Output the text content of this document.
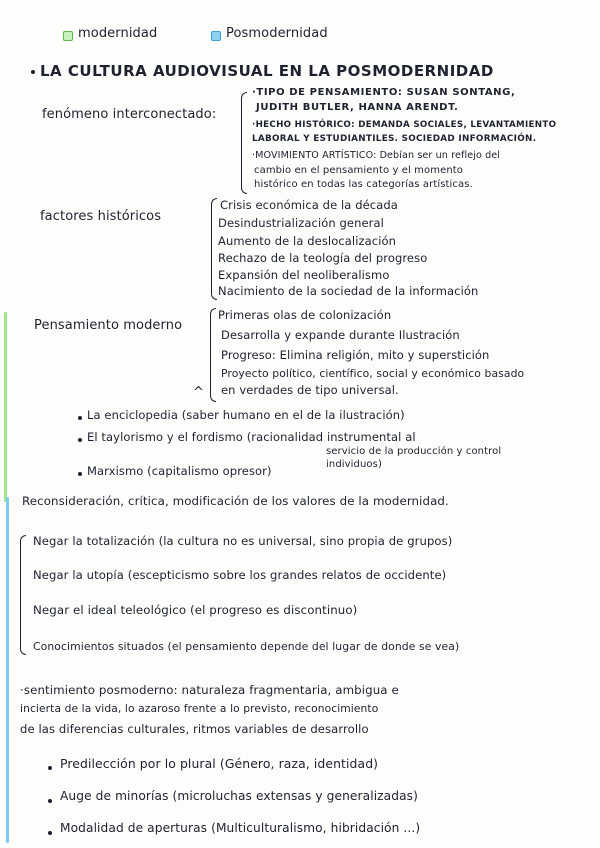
modernidad	Posmodernidad
LA CULTURA AUDIOVISUAL EN LA POSMODERNIDAD
fenómeno interconectado:
·TIPO DE PENSAMIENTO: SUSAN SONTANG,
JUDITH BUTLER, HANNA ARENDT.
·HECHO HISTÓRICO: DEMANDA SOCIALES, LEVANTAMIENTO
LABORAL Y ESTUDIANTILES. SOCIEDAD INFORMACIÓN.
·MOVIMIENTO ARTÍSTICO: Debían ser un reflejo del
cambio en el pensamiento y el momento
histórico en todas las categorías artísticas.
factores históricos
Crisis económica de la década
Desindustrialización general
Aumento de la deslocalización
Rechazo de la teología del progreso
Expansión del neoliberalismo
Nacimiento de la sociedad de la información
Pensamiento moderno
Primeras olas de colonización
Desarrolla y expande durante Ilustración
Progreso: Elimina religión, mito y superstición
Proyecto político, científico, social y económico basado
en verdades de tipo universal.
^
La enciclopedia (saber humano en el de la ilustración)
El taylorismo y el fordismo (racionalidad instrumental al
servicio de la producción y control
individuos)
Marxismo (capitalismo opresor)
Reconsideración, crítica, modificación de los valores de la modernidad.
Negar la totalización (la cultura no es universal, sino propia de grupos)
Negar la utopía (escepticismo sobre los grandes relatos de occidente)
Negar el ideal teleológico (el progreso es discontinuo)
Conocimientos situados (el pensamiento depende del lugar de donde se vea)
·sentimiento posmoderno: naturaleza fragmentaria, ambigua e
incierta de la vida, lo azaroso frente a lo previsto, reconocimiento
de las diferencias culturales, ritmos variables de desarrollo
Predilección por lo plural (Género, raza, identidad)
Auge de minorías (microluchas extensas y generalizadas)
Modalidad de aperturas (Multiculturalismo, hibridación ...)
